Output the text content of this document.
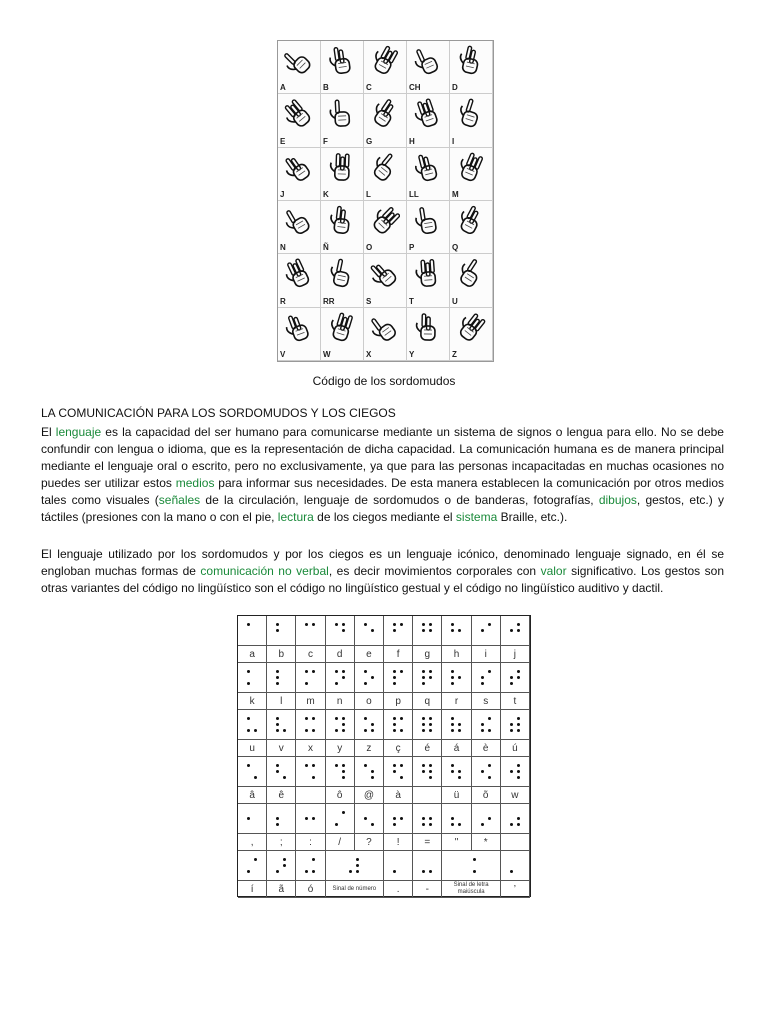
A	B	C	CH	D
E	F	G	H	I
J	K	L	LL	M
N	Ñ	O	P	Q
R	RR	S	T	U
V	W	X	Y	Z
Código de los sordomudos
LA COMUNICACIÓN PARA LOS SORDOMUDOS Y LOS CIEGOS
El lenguaje es la capacidad del ser humano para comunicarse mediante un sistema de signos o lengua para ello. No se debe confundir con lengua o idioma, que es la representación de dicha capacidad. La comunicación humana es de manera principal mediante el lenguaje oral o escrito, pero no exclusivamente, ya que para las personas incapacitadas en muchas ocasiones no puedes ser utilizar estos medios para informar sus necesidades. De esta manera establecen la comunicación por otros medios tales como visuales (señales de la circulación, lenguaje de sordomudos o de banderas, fotografías, dibujos, gestos, etc.) y táctiles (presiones con la mano o con el pie, lectura de los ciegos mediante el sistema Braille, etc.).
El lenguaje utilizado por los sordomudos y por los ciegos es un lenguaje icónico, denominado lenguaje signado, en él se engloban muchas formas de comunicación no verbal, es decir movimientos corporales con valor significativo. Los gestos son otras variantes del código no lingüístico son el código no lingüístico gestual y el código no lingüístico auditivo y dactil.
a b c d e	f	g h	i	j
k	l m n o p q r	s	t
u v x y z ç é á è ú
â ê	ô @ à	ü õ w
,	;	:	/	?	! = "	*
í	ã ó	Sinal de número .	-	Sinal de letra maiúscula	’
